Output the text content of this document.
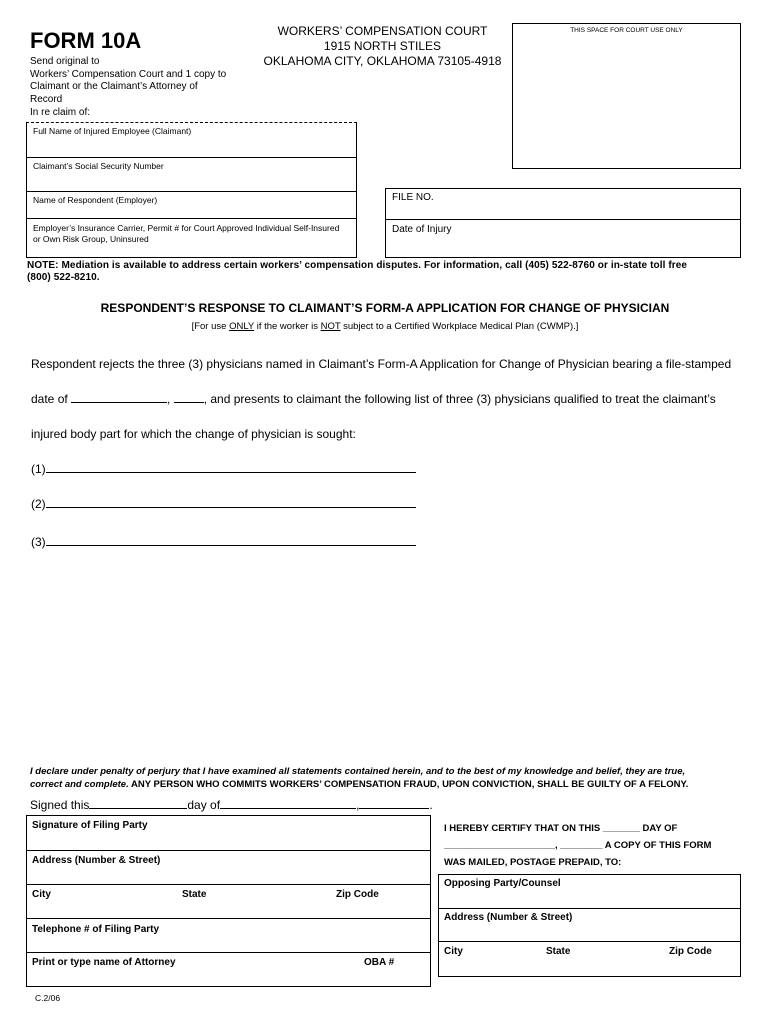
FORM 10A
Send original to
Workers’ Compensation Court and 1 copy to
Claimant or the Claimant’s Attorney of
Record
In re claim of:
WORKERS’ COMPENSATION COURT
1915 NORTH STILES
OKLAHOMA CITY, OKLAHOMA 73105-4918
THIS SPACE FOR COURT USE ONLY
Full Name of Injured Employee (Claimant)
Claimant’s Social Security Number
Name of Respondent (Employer)
Employer’s Insurance Carrier, Permit # for Court Approved Individual Self-Insured
or Own Risk Group, Uninsured
FILE NO.
Date of Injury
NOTE: Mediation is available to address certain workers’ compensation disputes. For information, call (405) 522-8760 or in-state toll free
(800) 522-8210.
RESPONDENT’S RESPONSE TO CLAIMANT’S FORM-A APPLICATION FOR CHANGE OF PHYSICIAN
[For use ONLY if the worker is NOT subject to a Certified Workplace Medical Plan (CWMP).]
Respondent rejects the three (3) physicians named in Claimant’s Form-A Application for Change of Physician bearing a file-stamped
date of	,	, and presents to claimant the following list of three (3) physicians qualified to treat the claimant’s
injured body part for which the change of physician is sought:
(1)
(2)
(3)
I declare under penalty of perjury that I have examined all statements contained herein, and to the best of my knowledge and belief, they are true,
correct and complete. ANY PERSON WHO COMMITS WORKERS’ COMPENSATION FRAUD, UPON CONVICTION, SHALL BE GUILTY OF A FELONY.
Signed this	day of	,	.
Signature of Filing Party
Address (Number & Street)
City	State	Zip Code
Telephone # of Filing Party
Print or type name of Attorney	OBA #
I HEREBY CERTIFY THAT ON THIS _______ DAY OF
_____________________, ________ A COPY OF THIS FORM
WAS MAILED, POSTAGE PREPAID, TO:
Opposing Party/Counsel
Address (Number & Street)
City	State	Zip Code
C.2/06
